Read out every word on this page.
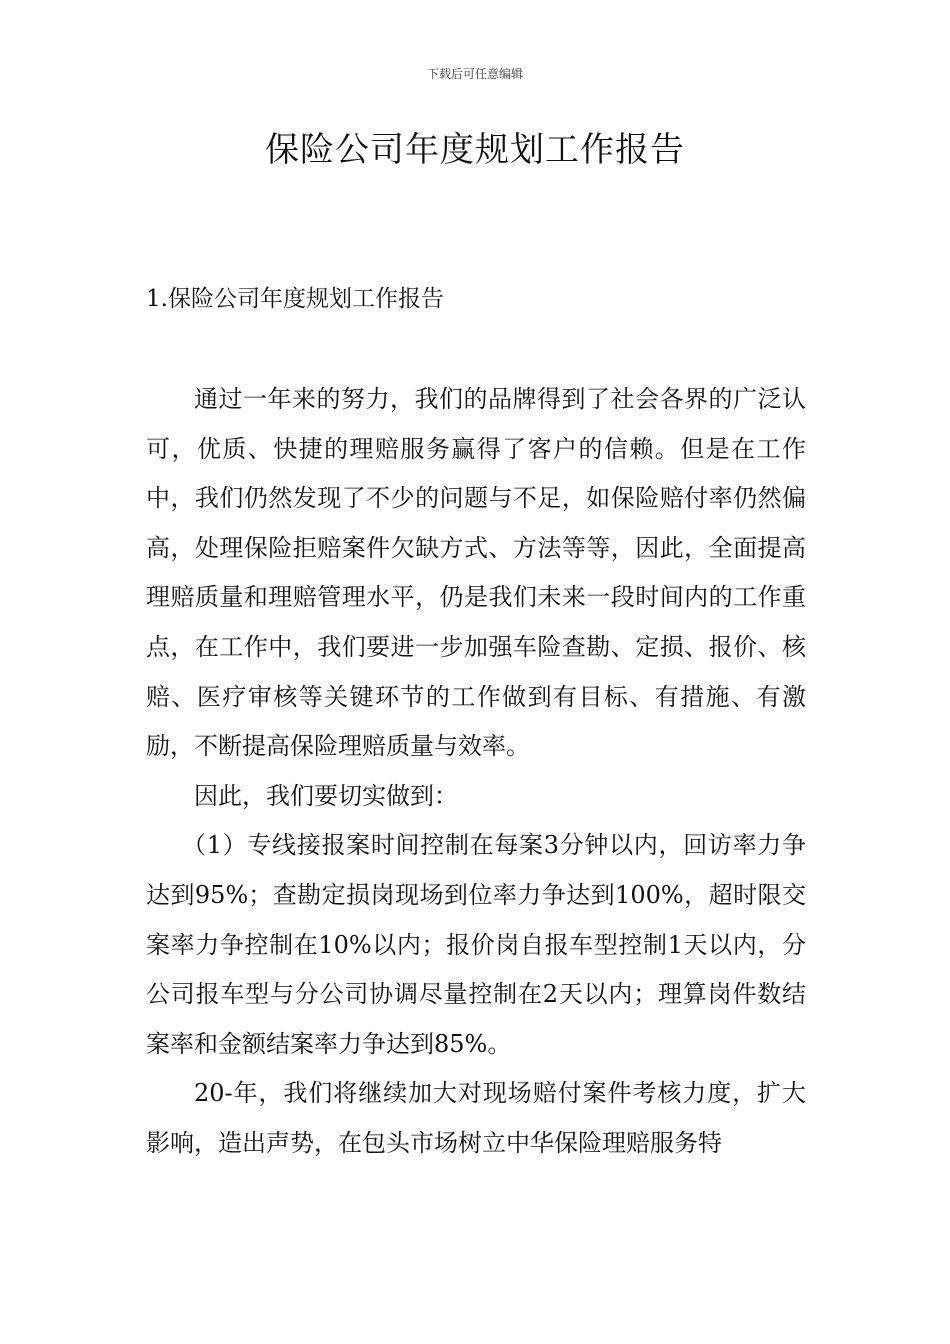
下载后可任意编辑
保险公司年度规划工作报告
1.保险公司年度规划工作报告

通过一年来的努力，我们的品牌得到了社会各界的广泛认可，优质、快捷的理赔服务赢得了客户的信赖。但是在工作中，我们仍然发现了不少的问题与不足，如保险赔付率仍然偏高，处理保险拒赔案件欠缺方式、方法等等，因此，全面提高理赔质量和理赔管理水平，仍是我们未来一段时间内的工作重点，在工作中，我们要进一步加强车险查勘、定损、报价、核赔、医疗审核等关键环节的工作做到有目标、有措施、有激励，不断提高保险理赔质量与效率。

因此，我们要切实做到：

（1）专线接报案时间控制在每案3分钟以内，回访率力争达到95%；查勘定损岗现场到位率力争达到100%，超时限交案率力争控制在10%以内；报价岗自报车型控制1天以内，分公司报车型与分公司协调尽量控制在2天以内；理算岗件数结案率和金额结案率力争达到85%。

20-年，我们将继续加大对现场赔付案件考核力度，扩大影响，造出声势，在包头市场树立中华保险理赔服务特
